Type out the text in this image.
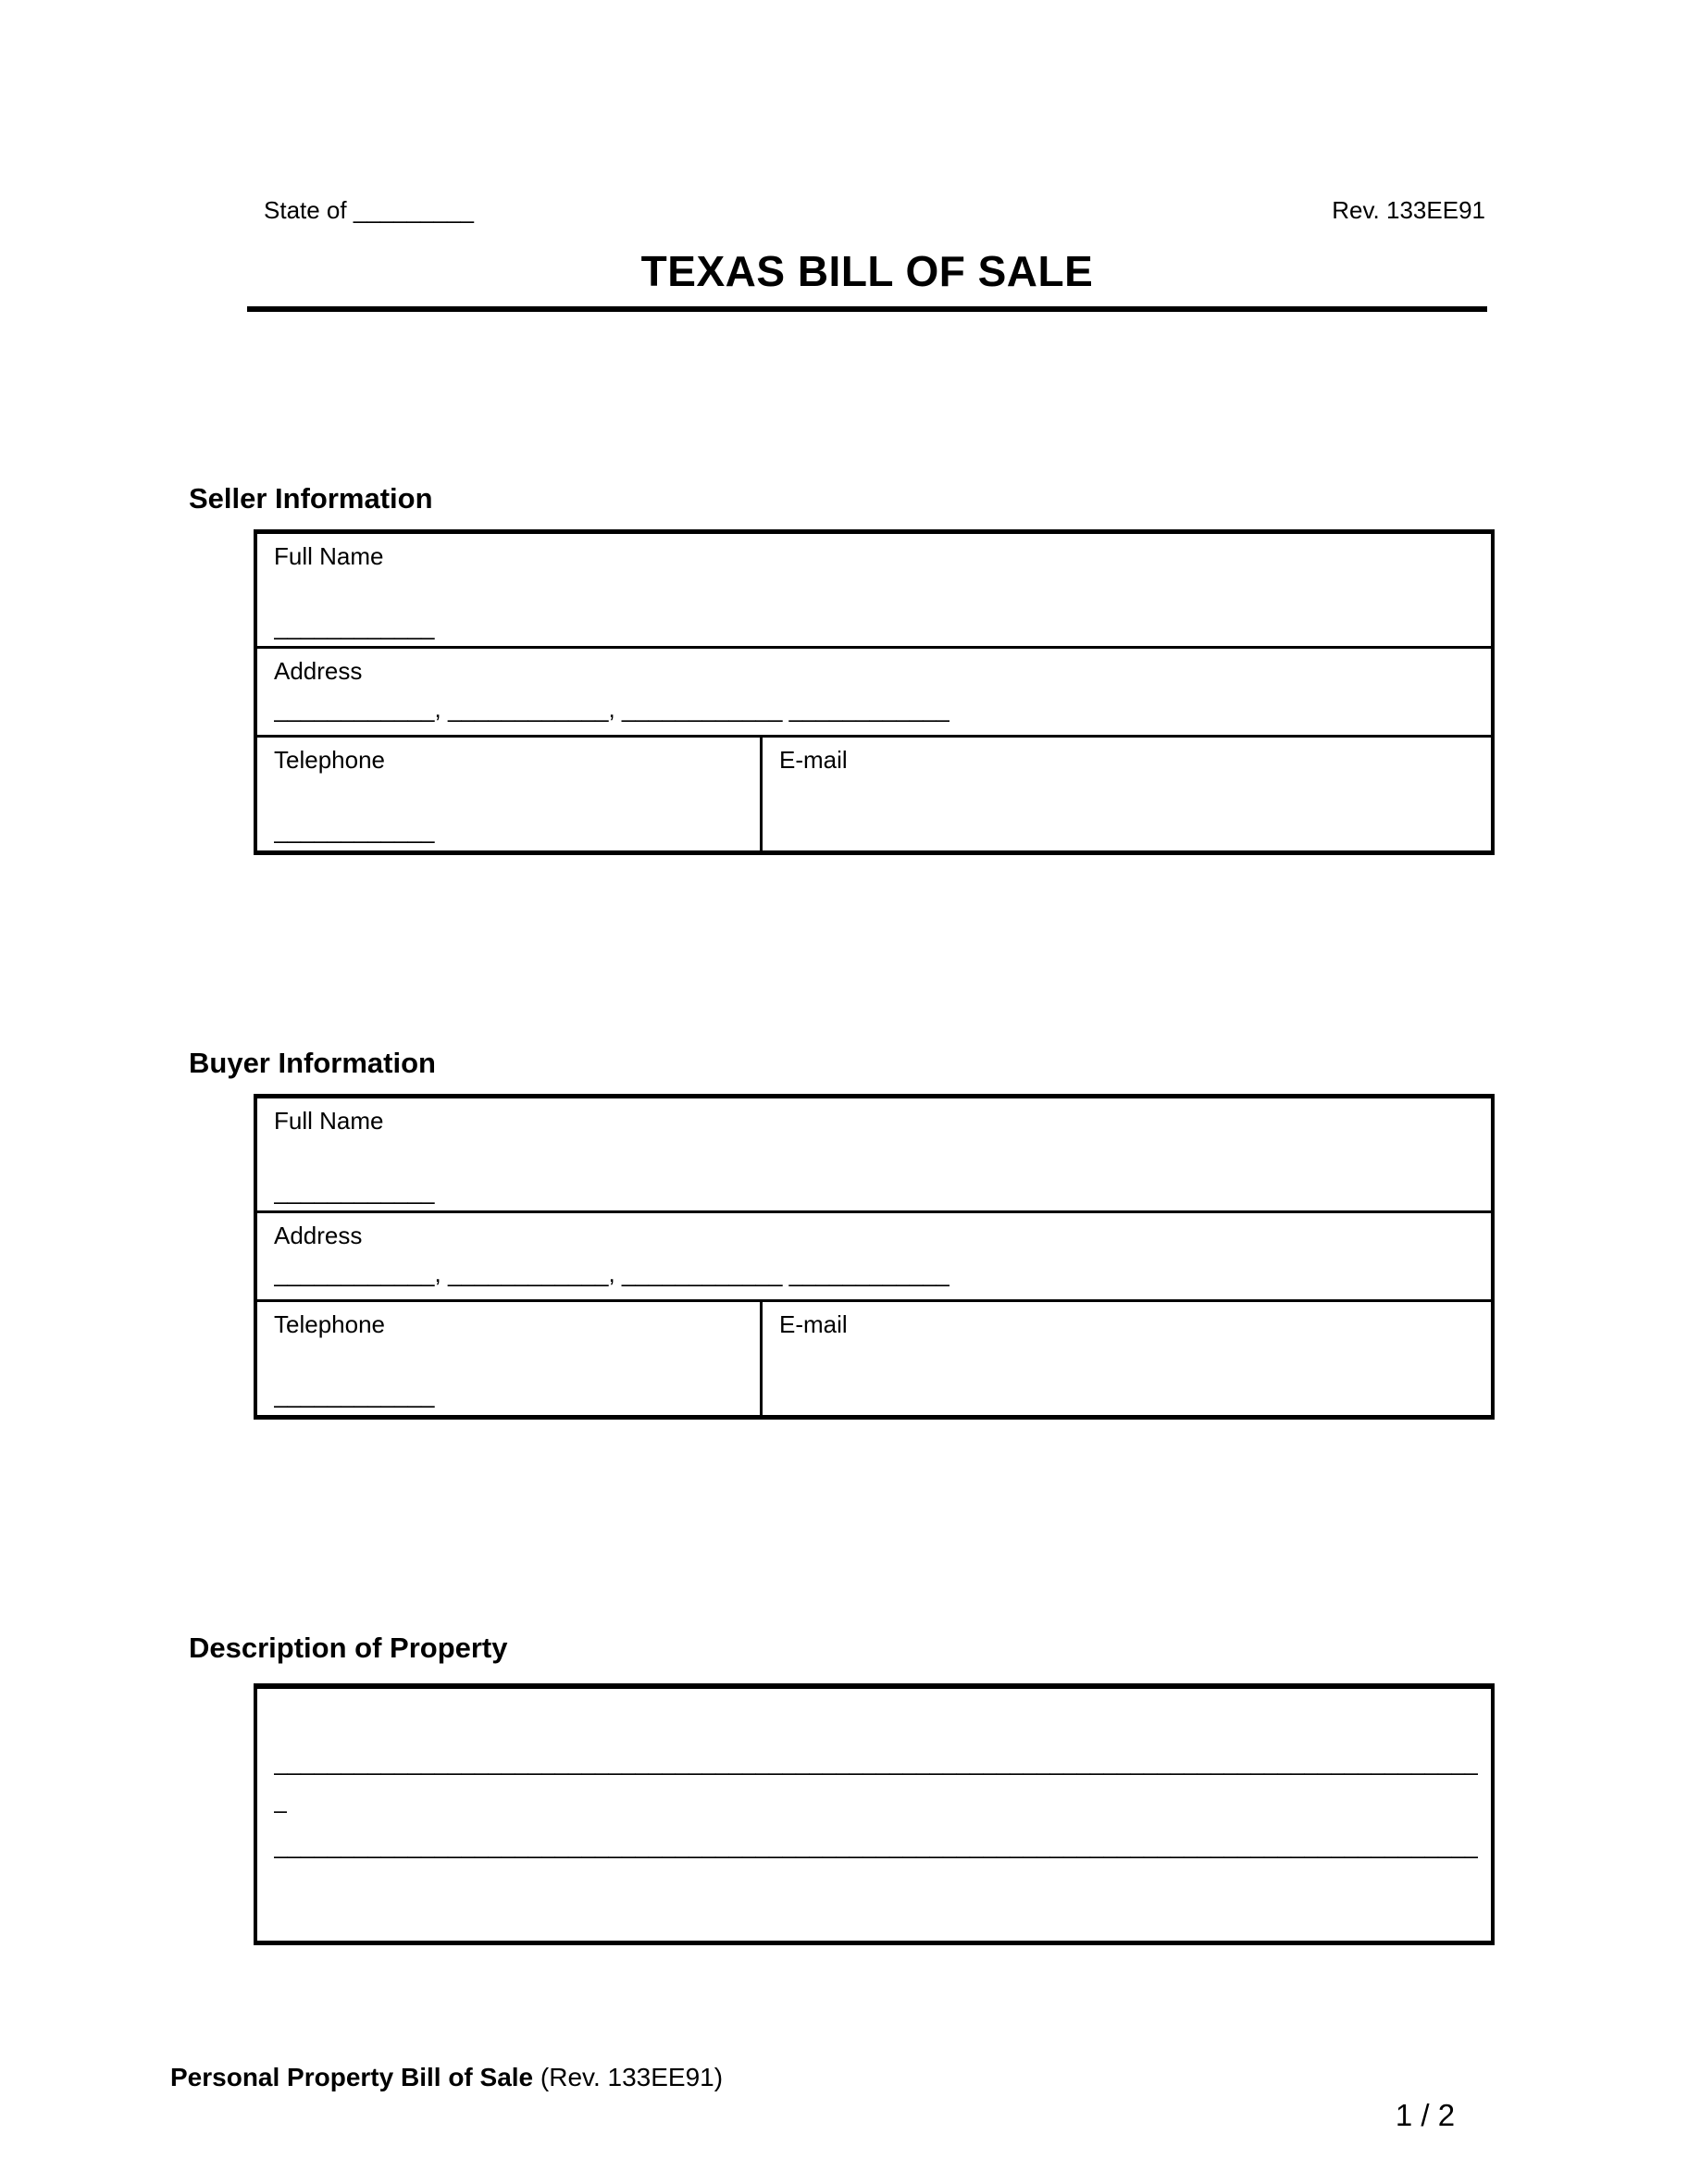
State of _________	Rev. 133EE91
TEXAS BILL OF SALE
Seller Information
Full Name
____________
Address
____________, ____________, ____________ ____________
Telephone
____________
E-mail
Buyer Information
Full Name
____________
Address
____________, ____________, ____________ ____________
Telephone
____________
E-mail
Description of Property
__________________________________________________________________________________________
_
__________________________________________________________________________________________
Personal Property Bill of Sale (Rev. 133EE91)
1 / 2
